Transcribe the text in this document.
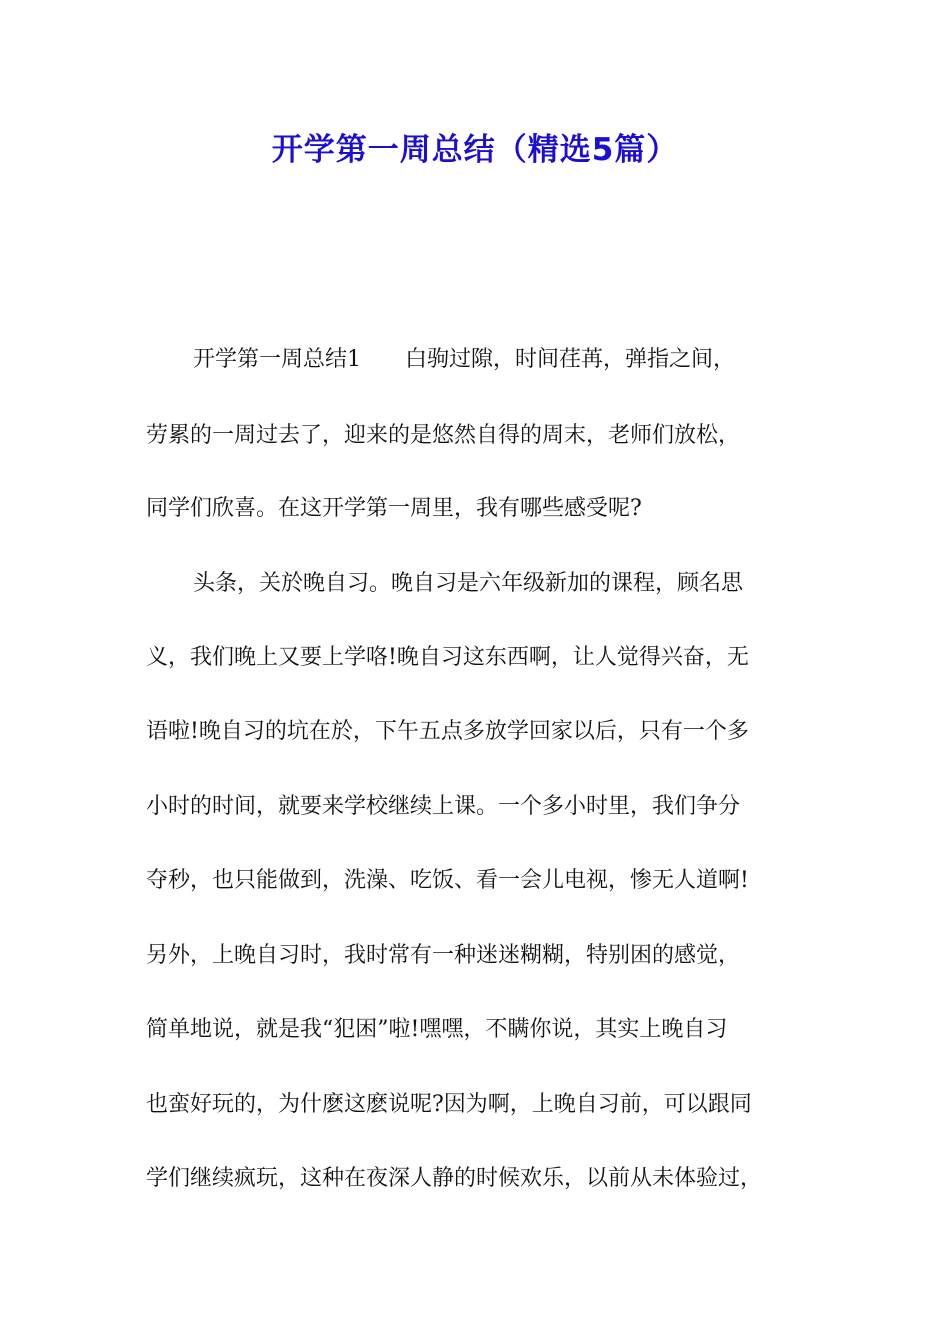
开学第一周总结（精选5篇）
开学第一周总结1　　白驹过隙，时间荏苒，弹指之间，
劳累的一周过去了，迎来的是悠然自得的周末，老师们放松，
同学们欣喜。在这开学第一周里，我有哪些感受呢?
头条，关於晚自习。晚自习是六年级新加的课程，顾名思
义，我们晚上又要上学咯!晚自习这东西啊，让人觉得兴奋，无
语啦!晚自习的坑在於，下午五点多放学回家以后，只有一个多
小时的时间，就要来学校继续上课。一个多小时里，我们争分
夺秒，也只能做到，洗澡、吃饭、看一会儿电视，惨无人道啊!
另外，上晚自习时，我时常有一种迷迷糊糊，特别困的感觉，
简单地说，就是我“犯困”啦!嘿嘿，不瞒你说，其实上晚自习
也蛮好玩的，为什麽这麽说呢?因为啊，上晚自习前，可以跟同
学们继续疯玩，这种在夜深人静的时候欢乐，以前从未体验过，
